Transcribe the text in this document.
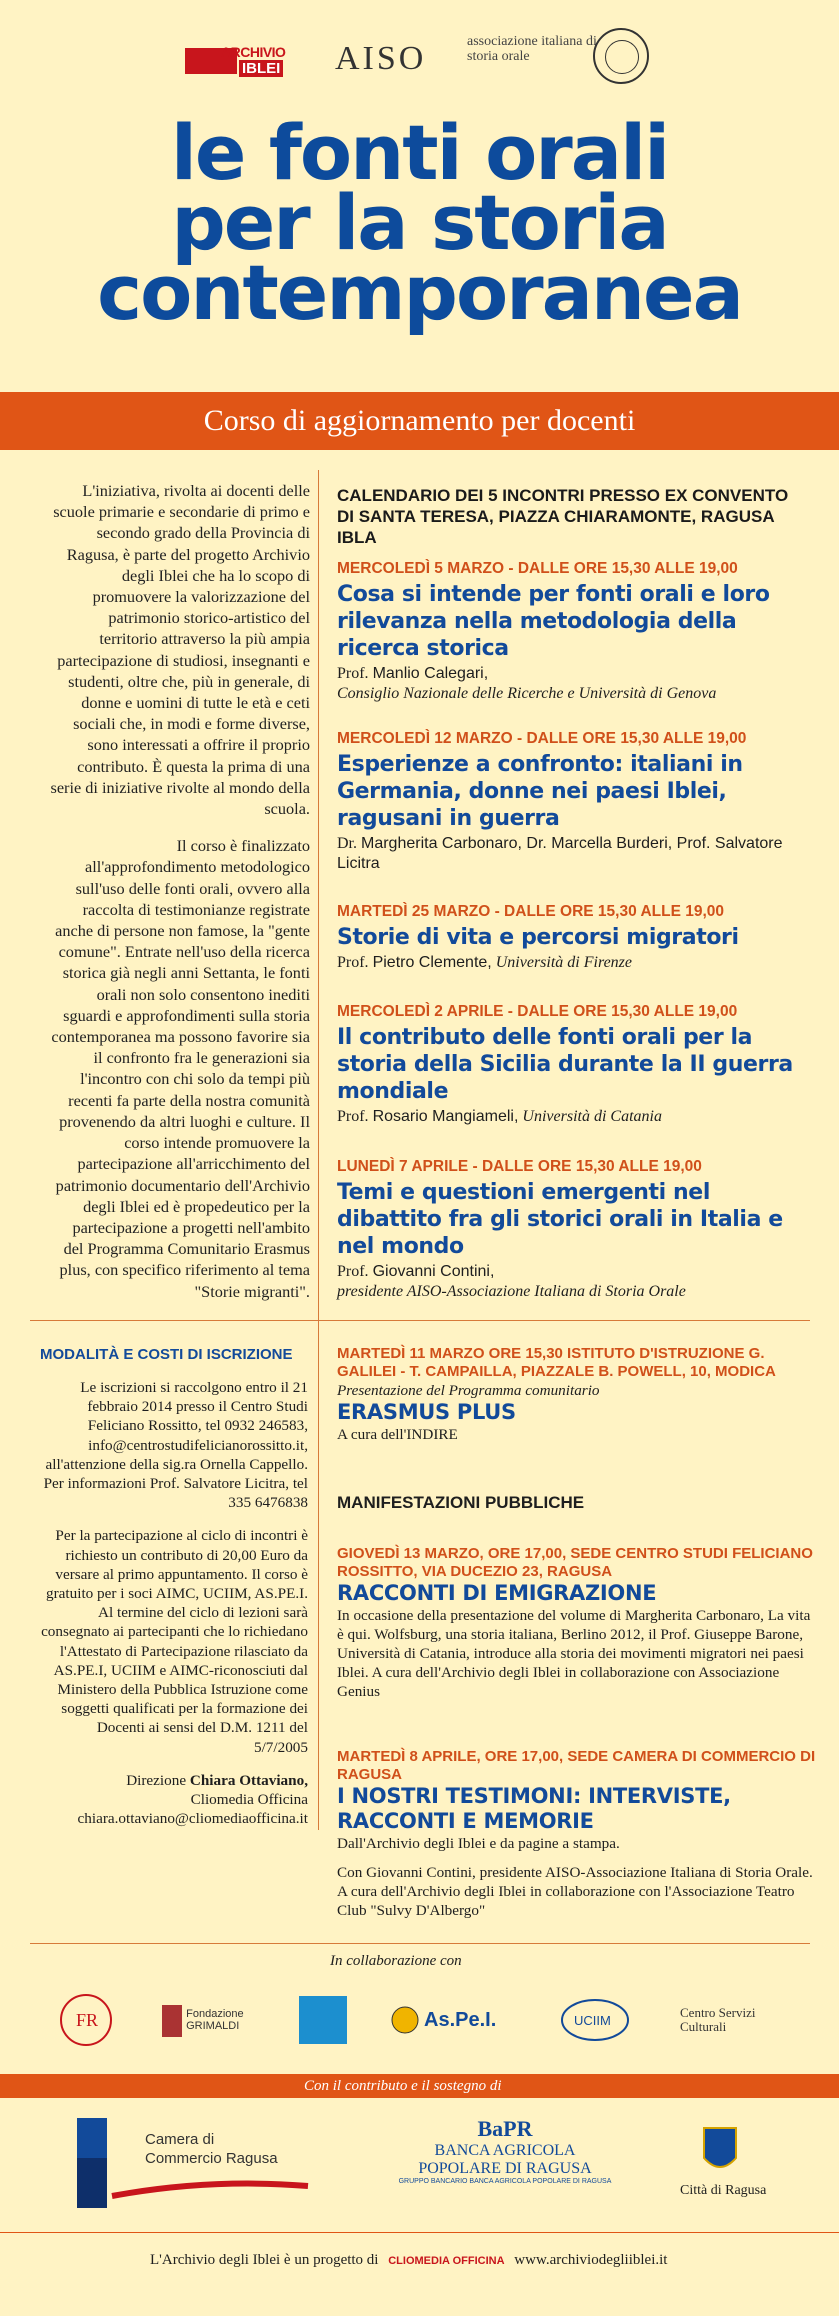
ARCHIVIO
IBLEI AISO	associazione italiana di storia orale
le fonti orali
per la storia
contemporanea
Corso di aggiornamento per docenti

L'iniziativa, rivolta ai docenti delle scuole primarie e secondarie di primo e secondo grado della Provincia di Ragusa, è parte del progetto Archivio degli Iblei che ha lo scopo di promuovere la valorizzazione del patrimonio storico-artistico del territorio attraverso la più ampia partecipazione di studiosi, insegnanti e studenti, oltre che, più in generale, di donne e uomini di tutte le età e ceti sociali che, in modi e forme diverse, sono interessati a offrire il proprio contributo. È questa la prima di una serie di iniziative rivolte al mondo della scuola.

Il corso è finalizzato all'approfondimento metodologico sull'uso delle fonti orali, ovvero alla raccolta di testimonianze registrate anche di persone non famose, la "gente comune". Entrate nell'uso della ricerca storica già negli anni Settanta, le fonti orali non solo consentono inediti sguardi e approfondimenti sulla storia contemporanea ma possono favorire sia il confronto fra le generazioni sia l'incontro con chi solo da tempi più recenti fa parte della nostra comunità provenendo da altri luoghi e culture. Il corso intende promuovere la partecipazione all'arricchimento del patrimonio documentario dell'Archivio degli Iblei ed è propedeutico per la partecipazione a progetti nell'ambito del Programma Comunitario Erasmus plus, con specifico riferimento al tema "Storie migranti".

CALENDARIO DEI 5 INCONTRI PRESSO EX CONVENTO DI SANTA TERESA, PIAZZA CHIARAMONTE, RAGUSA IBLA
MERCOLEDÌ 5 MARZO - DALLE ORE 15,30 ALLE 19,00
Cosa si intende per fonti orali e loro rilevanza nella metodologia della ricerca storica
Prof. Manlio Calegari,
Consiglio Nazionale delle Ricerche e Università di Genova
MERCOLEDÌ 12 MARZO - DALLE ORE 15,30 ALLE 19,00
Esperienze a confronto: italiani in Germania, donne nei paesi Iblei, ragusani in guerra
Dr. Margherita Carbonaro, Dr. Marcella Burderi, Prof. Salvatore Licitra
MARTEDÌ 25 MARZO - DALLE ORE 15,30 ALLE 19,00
Storie di vita e percorsi migratori
Prof. Pietro Clemente, Università di Firenze
MERCOLEDÌ 2 APRILE - DALLE ORE 15,30 ALLE 19,00
Il contributo delle fonti orali per la storia della Sicilia durante la II guerra mondiale
Prof. Rosario Mangiameli, Università di Catania
LUNEDÌ 7 APRILE - DALLE ORE 15,30 ALLE 19,00
Temi e questioni emergenti nel dibattito fra gli storici orali in Italia e nel mondo
Prof. Giovanni Contini,
presidente AISO-Associazione Italiana di Storia Orale
MODALITÀ E COSTI DI ISCRIZIONE

Le iscrizioni si raccolgono entro il 21 febbraio 2014 presso il Centro Studi Feliciano Rossitto, tel 0932 246583, info@centrostudifelicianorossitto.it, all'attenzione della sig.ra Ornella Cappello. Per informazioni Prof. Salvatore Licitra, tel 335 6476838

Per la partecipazione al ciclo di incontri è richiesto un contributo di 20,00 Euro da versare al primo appuntamento. Il corso è gratuito per i soci AIMC, UCIIM, AS.PE.I. Al termine del ciclo di lezioni sarà consegnato ai partecipanti che lo richiedano l'Attestato di Partecipazione rilasciato da AS.PE.I, UCIIM e AIMC-riconosciuti dal Ministero della Pubblica Istruzione come soggetti qualificati per la formazione dei Docenti ai sensi del D.M. 1211 del 5/7/2005

Direzione Chiara Ottaviano,
Cliomedia Officina
chiara.ottaviano@cliomediaofficina.it

MARTEDÌ 11 MARZO ORE 15,30 ISTITUTO D'ISTRUZIONE G. GALILEI - T. CAMPAILLA, PIAZZALE B. POWELL, 10, MODICA
Presentazione del Programma comunitario
ERASMUS PLUS
A cura dell'INDIRE
MANIFESTAZIONI PUBBLICHE
GIOVEDÌ 13 MARZO, ORE 17,00, SEDE CENTRO STUDI FELICIANO ROSSITTO, VIA DUCEZIO 23, RAGUSA
RACCONTI DI EMIGRAZIONE
In occasione della presentazione del volume di Margherita Carbonaro, La vita è qui. Wolfsburg, una storia italiana, Berlino 2012, il Prof. Giuseppe Barone, Università di Catania, introduce alla storia dei movimenti migratori nei paesi Iblei. A cura dell'Archivio degli Iblei in collaborazione con Associazione Genius
MARTEDÌ 8 APRILE, ORE 17,00, SEDE CAMERA DI COMMERCIO DI RAGUSA
I NOSTRI TESTIMONI: INTERVISTE, RACCONTI E MEMORIE
Dall'Archivio degli Iblei e da pagine a stampa.
Con Giovanni Contini, presidente AISO-Associazione Italiana di Storia Orale. A cura dell'Archivio degli Iblei in collaborazione con l'Associazione Teatro Club "Sulvy D'Albergo"
In collaborazione con
FR	Fondazione GRIMALDI	As.Pe.I.	UCIIM
Centro Servizi Culturali
Con il contributo e il sostegno di
Camera di Commercio Ragusa
BaPR
BANCA AGRICOLA POPOLARE DI RAGUSA
GRUPPO BANCARIO BANCA AGRICOLA POPOLARE DI RAGUSA
Città di Ragusa
L'Archivio degli Iblei è un progetto di CLIOMEDIA OFFICINA www.archiviodegliiblei.it
